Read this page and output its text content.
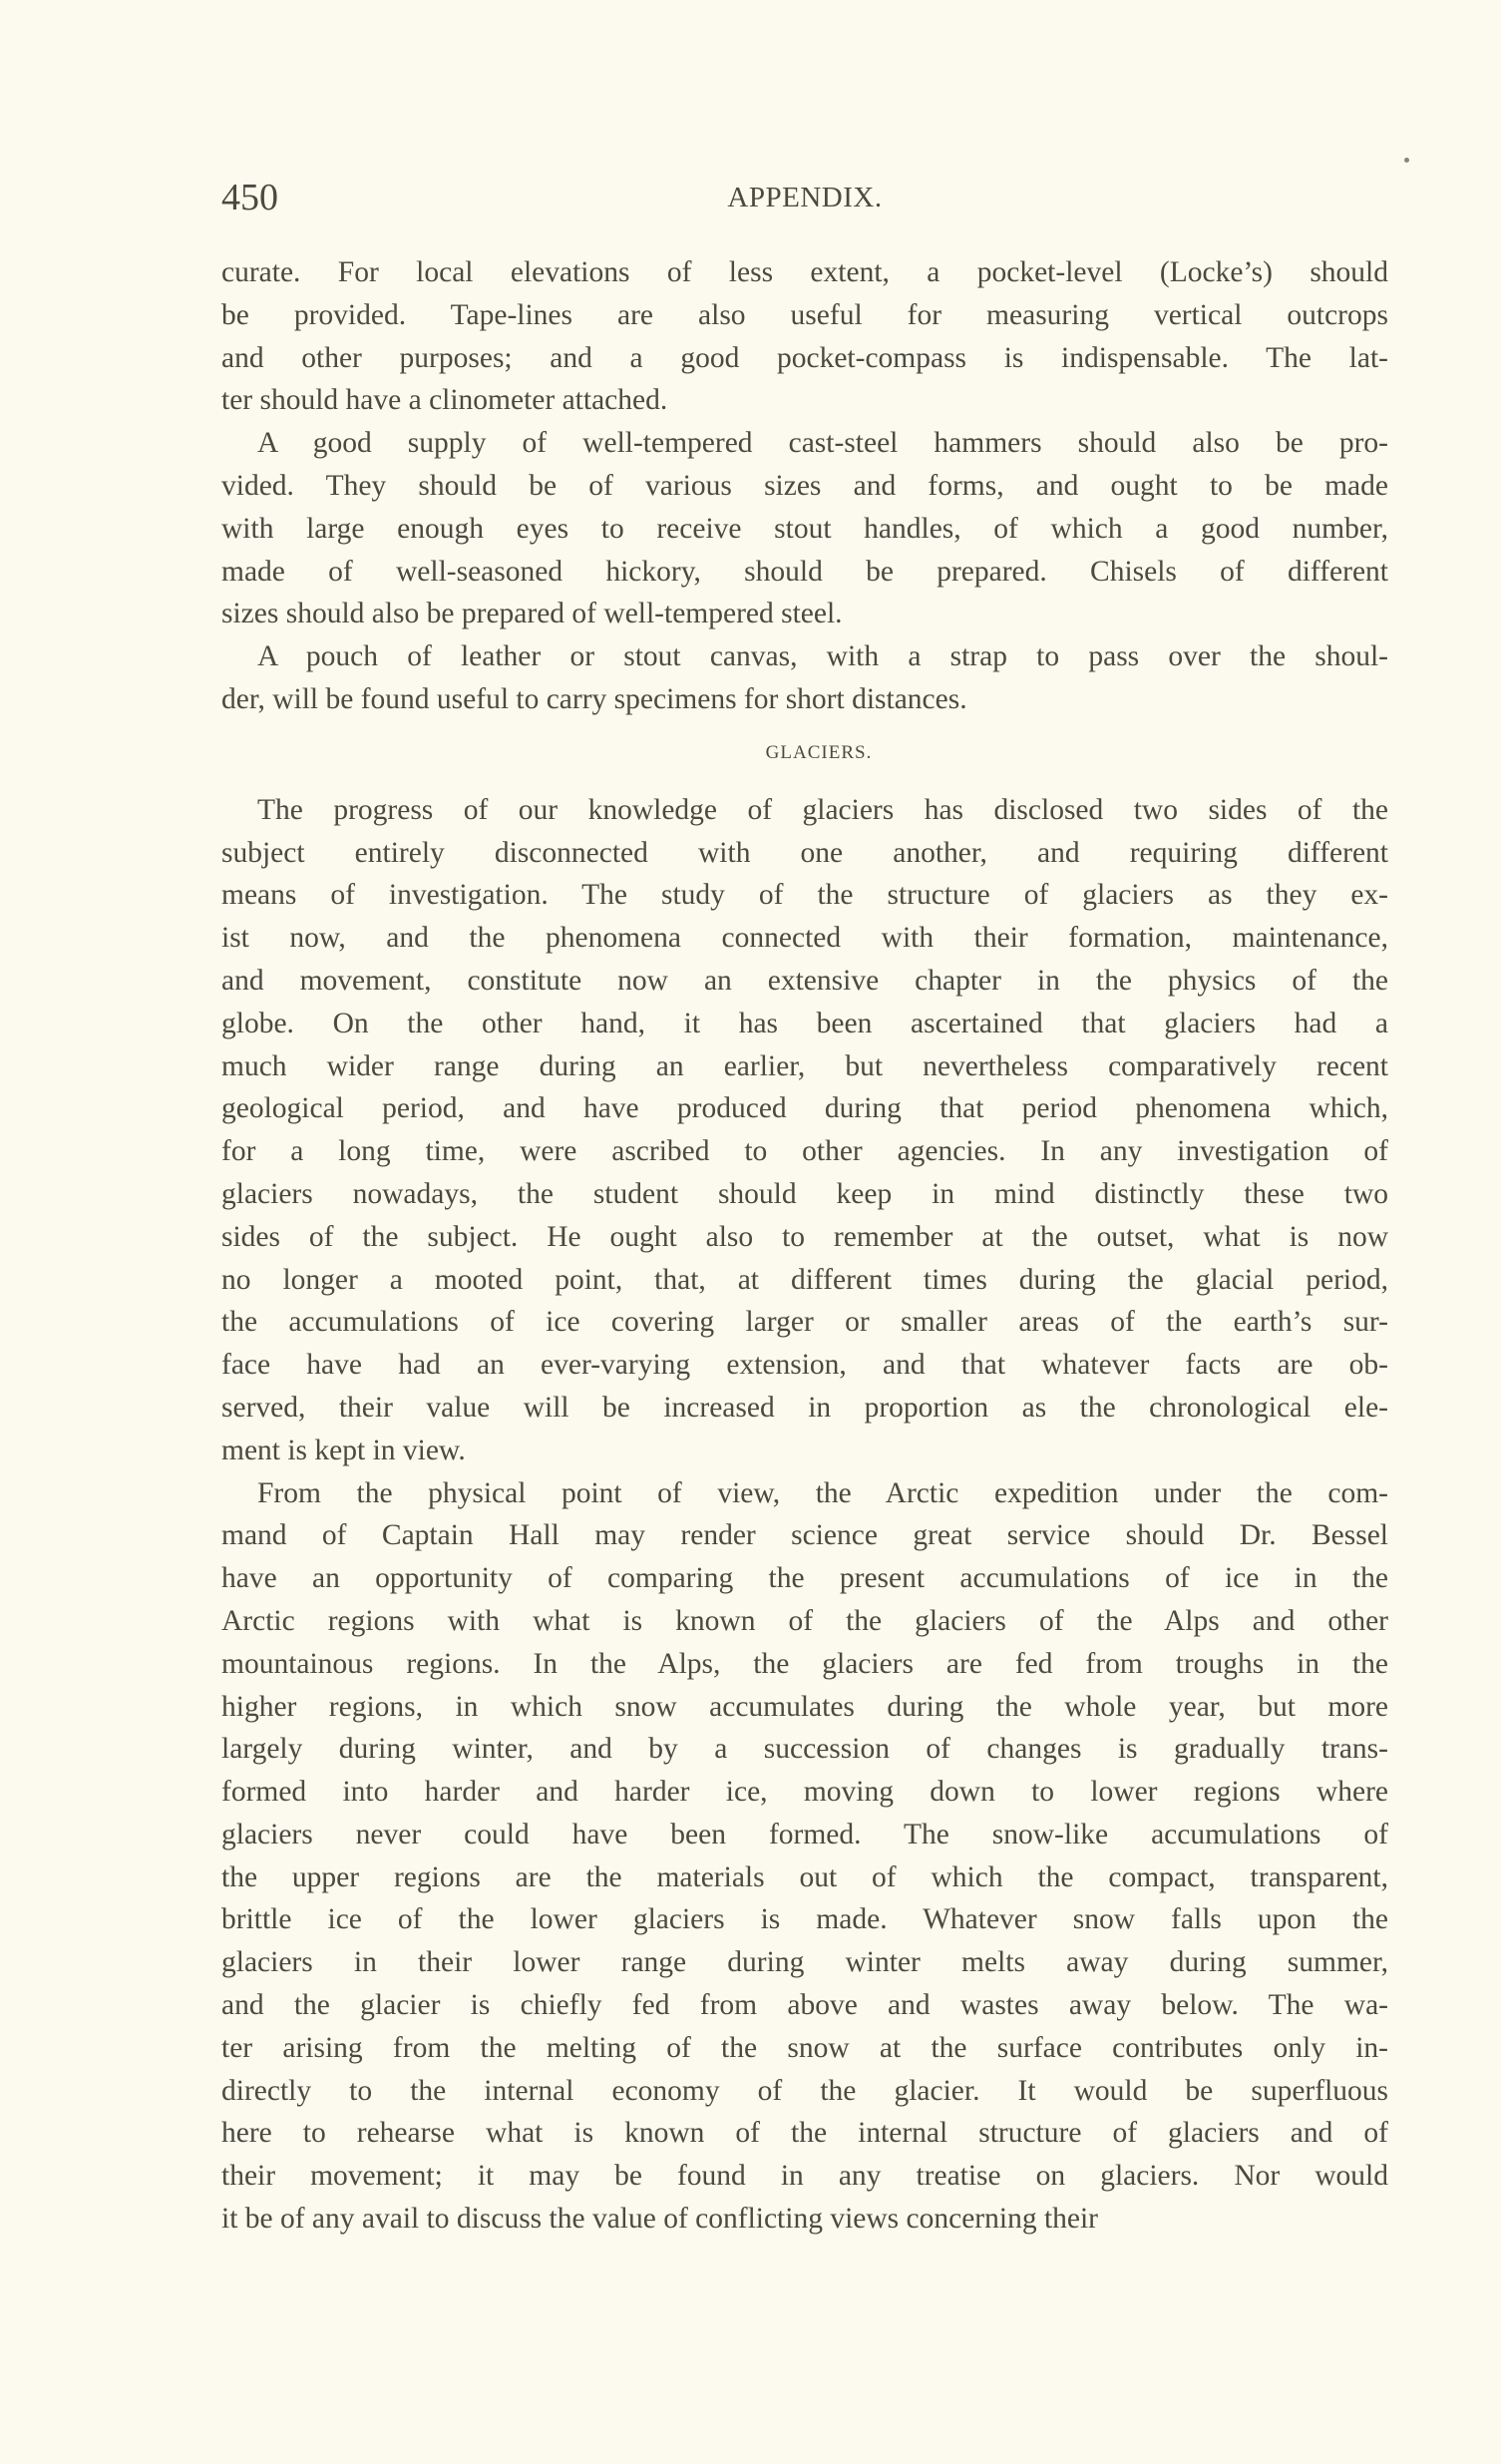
450	APPENDIX.
curate. For local elevations of less extent, a pocket-level (Locke’s) should
be provided. Tape-lines are also useful for measuring vertical outcrops
and other purposes; and a good pocket-compass is indispensable. The lat-
ter should have a clinometer attached.
A good supply of well-tempered cast-steel hammers should also be pro-
vided. They should be of various sizes and forms, and ought to be made
with large enough eyes to receive stout handles, of which a good number,
made of well-seasoned hickory, should be prepared. Chisels of different
sizes should also be prepared of well-tempered steel.
A pouch of leather or stout canvas, with a strap to pass over the shoul-
der, will be found useful to carry specimens for short distances.
GLACIERS.
The progress of our knowledge of glaciers has disclosed two sides of the
subject entirely disconnected with one another, and requiring different
means of investigation. The study of the structure of glaciers as they ex-
ist now, and the phenomena connected with their formation, maintenance,
and movement, constitute now an extensive chapter in the physics of the
globe. On the other hand, it has been ascertained that glaciers had a
much wider range during an earlier, but nevertheless comparatively recent
geological period, and have produced during that period phenomena which,
for a long time, were ascribed to other agencies. In any investigation of
glaciers nowadays, the student should keep in mind distinctly these two
sides of the subject. He ought also to remember at the outset, what is now
no longer a mooted point, that, at different times during the glacial period,
the accumulations of ice covering larger or smaller areas of the earth’s sur-
face have had an ever-varying extension, and that whatever facts are ob-
served, their value will be increased in proportion as the chronological ele-
ment is kept in view.
From the physical point of view, the Arctic expedition under the com-
mand of Captain Hall may render science great service should Dr. Bessel
have an opportunity of comparing the present accumulations of ice in the
Arctic regions with what is known of the glaciers of the Alps and other
mountainous regions. In the Alps, the glaciers are fed from troughs in the
higher regions, in which snow accumulates during the whole year, but more
largely during winter, and by a succession of changes is gradually trans-
formed into harder and harder ice, moving down to lower regions where
glaciers never could have been formed. The snow-like accumulations of
the upper regions are the materials out of which the compact, transparent,
brittle ice of the lower glaciers is made. Whatever snow falls upon the
glaciers in their lower range during winter melts away during summer,
and the glacier is chiefly fed from above and wastes away below. The wa-
ter arising from the melting of the snow at the surface contributes only in-
directly to the internal economy of the glacier. It would be superfluous
here to rehearse what is known of the internal structure of glaciers and of
their movement; it may be found in any treatise on glaciers. Nor would
it be of any avail to discuss the value of conflicting views concerning their
